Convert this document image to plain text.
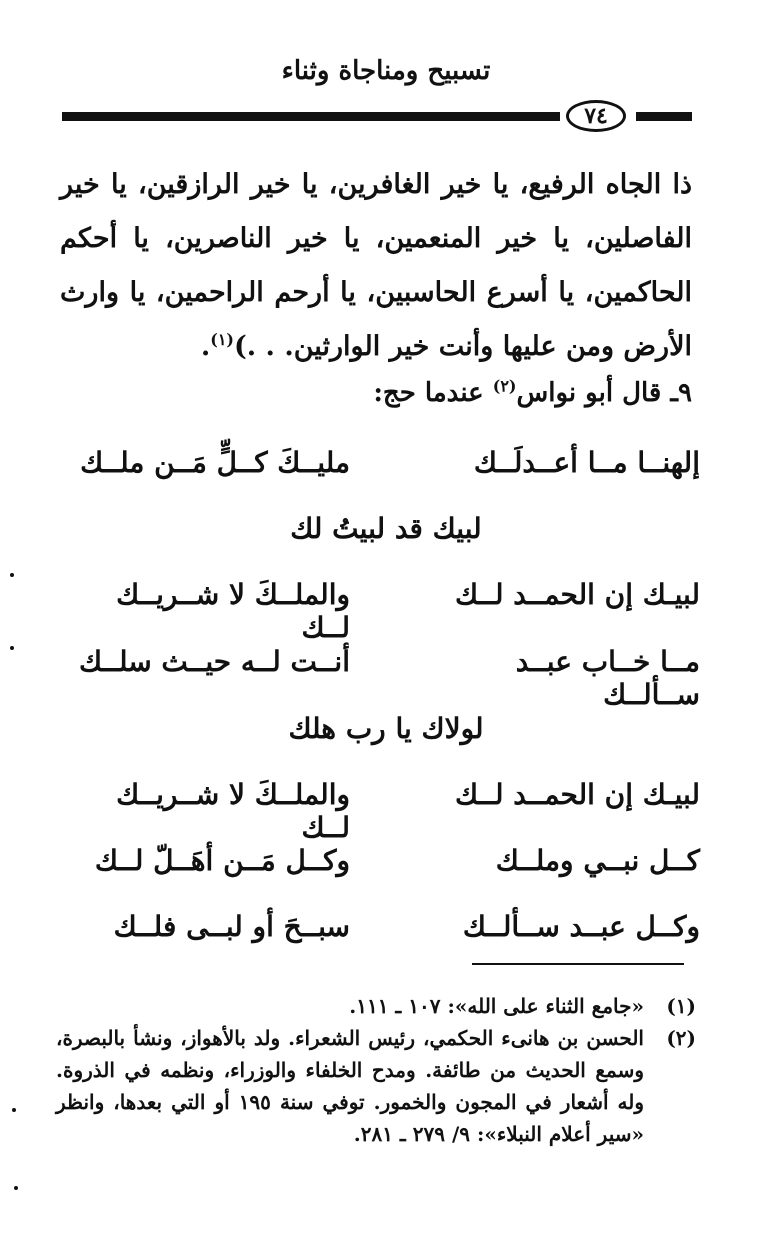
تسبيح ومناجاة وثناء
٧٤

ذا الجاه الرفيع، يا خير الغافرين، يا خير الرازقين، يا خير الفاصلين، يا خير المنعمين، يا خير الناصرين، يا أحكم الحاكمين، يا أسرع الحاسبين، يا أرحم الراحمين، يا وارث الأرض ومن عليها وأنت خير الوارثين. . .)$^{(١)}$.

٩ـ قال أبو نواس$^{(٢)}$ عندما حج:
إلهنــا مــا أعــدلَــك
مليــكَ كــلٍّ مَــن ملــك
لبيك قد لبيتُ لك
لبيـك إن الحمــد لــك
والملــكَ لا شــريــك لــك
مــا خــاب عبــد ســألــك
أنــت لــه حيــث سلــك
لولاك يا رب هلك
لبيـك إن الحمــد لــك
والملــكَ لا شــريــك لــك
كــل نبــي وملــك
وكــل مَــن أهَــلّ لــك
وكــل عبــد ســألــك
سبــحَ أو لبــى فلــك

(١)
«جامع الثناء على الله»: ١٠٧ ـ ١١١.

(٢)
الحسن بن هانىء الحكمي، رئيس الشعراء. ولد بالأهواز، ونشأ بالبصرة، وسمع الحديث من طائفة. ومدح الخلفاء والوزراء، ونظمه في الذروة. وله أشعار في المجون والخمور. توفي سنة ١٩٥ أو التي بعدها، وانظر «سير أعلام النبلاء»: ٩/ ٢٧٩ ـ ٢٨١.
